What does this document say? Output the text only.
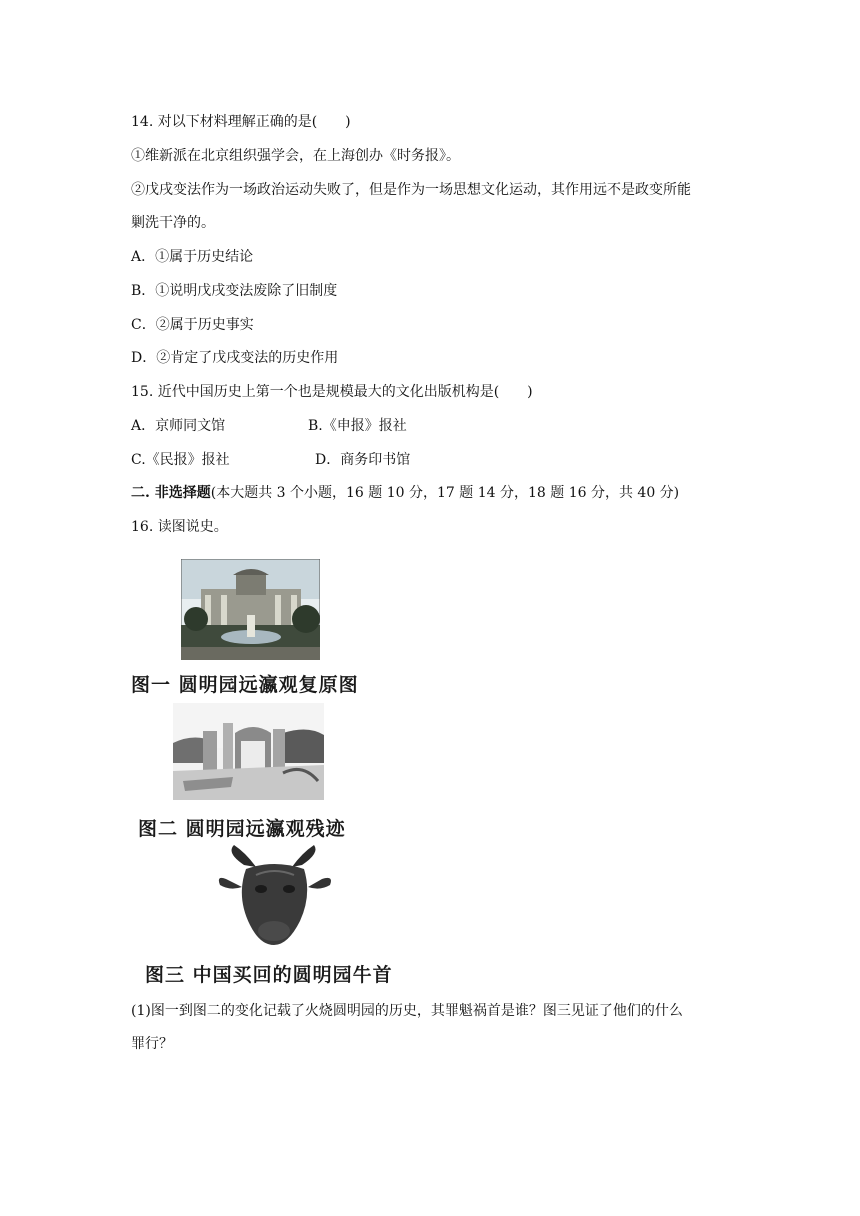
14. 对以下材料理解正确的是(　　)
①维新派在北京组织强学会，在上海创办《时务报》。
②戊戌变法作为一场政治运动失败了，但是作为一场思想文化运动，其作用远不是政变所能
剿洗干净的。
A．①属于历史结论
B．①说明戊戌变法废除了旧制度
C．②属于历史事实
D．②肯定了戊戌变法的历史作用
15. 近代中国历史上第一个也是规模最大的文化出版机构是(　　)
A．京师同文馆	B.《申报》报社
C.《民报》报社	D．商务印书馆
二. 非选择题(本大题共 3 个小题，16 题 10 分，17 题 14 分，18 题 16 分，共 40 分)
16. 读图说史。
图一 圆明园远瀛观复原图
图二 圆明园远瀛观残迹
图三 中国买回的圆明园牛首
(1)图一到图二的变化记载了火烧圆明园的历史，其罪魁祸首是谁？图三见证了他们的什么
罪行？
